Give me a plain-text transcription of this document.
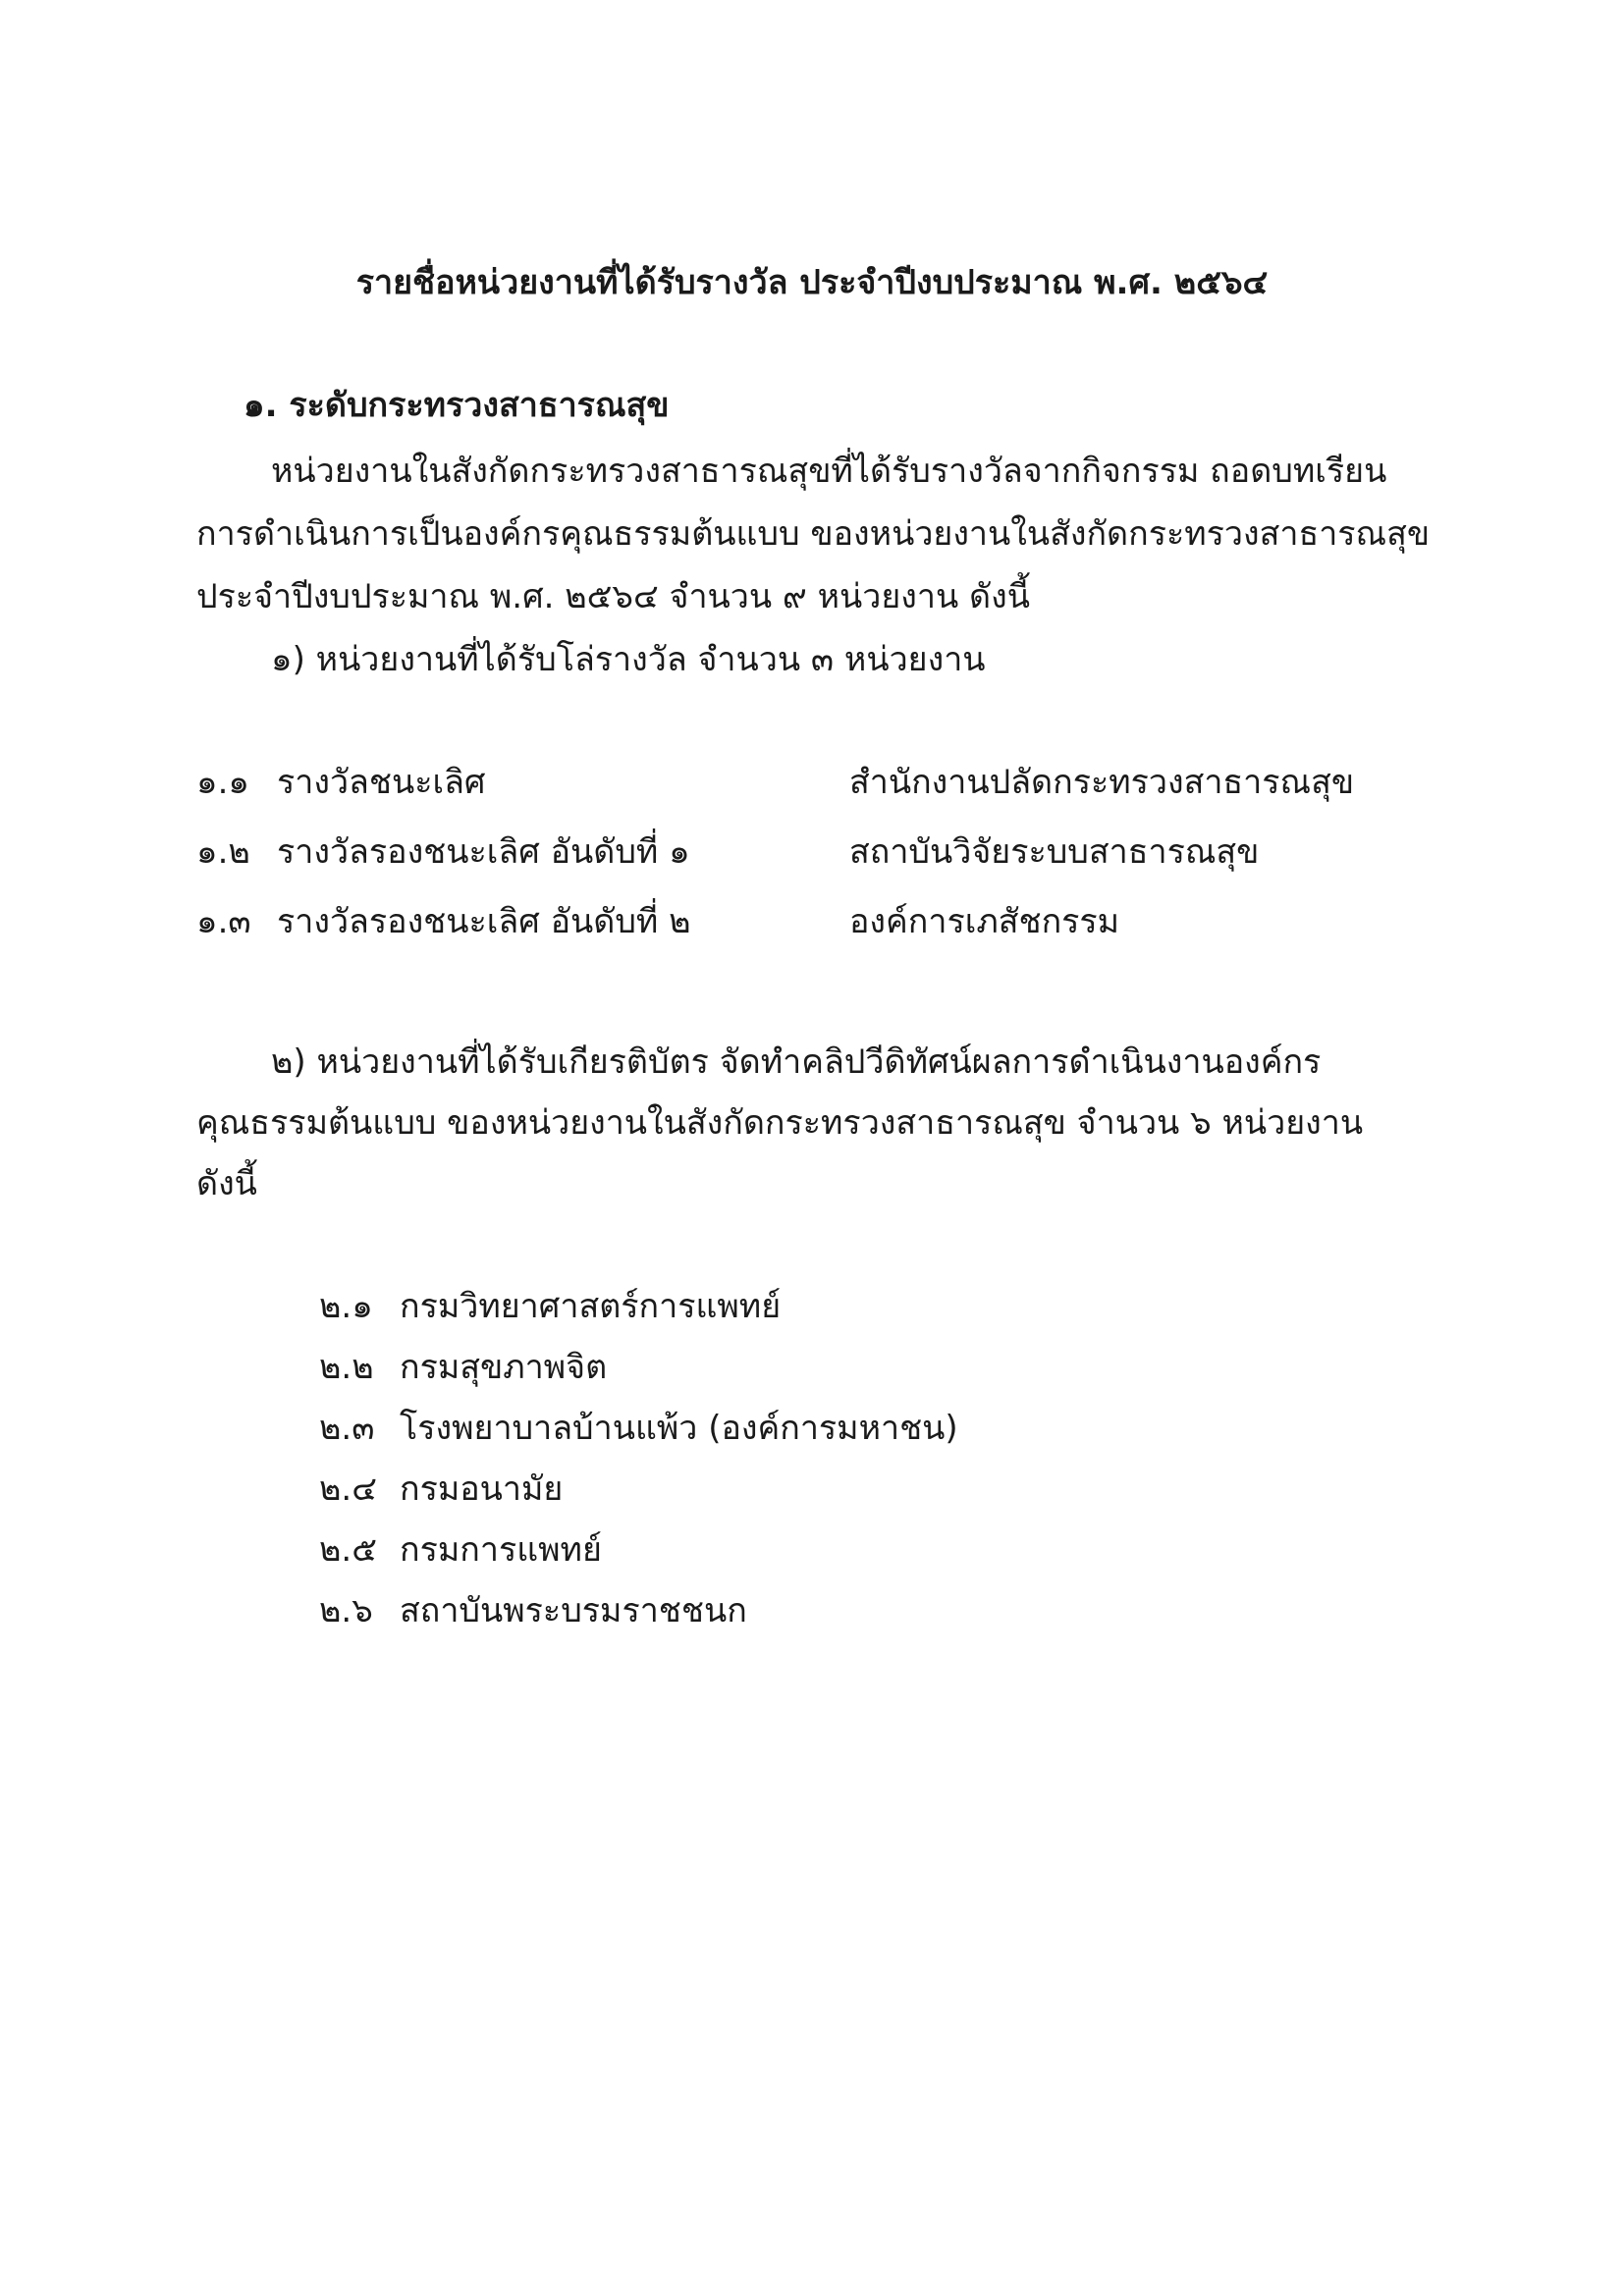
รายชื่อหน่วยงานที่ได้รับรางวัล ประจำปีงบประมาณ พ.ศ. ๒๕๖๔
๑. ระดับกระทรวงสาธารณสุข
หน่วยงานในสังกัดกระทรวงสาธารณสุขที่ได้รับรางวัลจากกิจกรรม ถอดบทเรียน
การดำเนินการเป็นองค์กรคุณธรรมต้นแบบ ของหน่วยงานในสังกัดกระทรวงสาธารณสุข
ประจำปีงบประมาณ พ.ศ. ๒๕๖๔ จำนวน ๙ หน่วยงาน ดังนี้
๑) หน่วยงานที่ได้รับโล่รางวัล จำนวน ๓ หน่วยงาน
๑.๑ รางวัลชนะเลิศ	สำนักงานปลัดกระทรวงสาธารณสุข
๑.๒ รางวัลรองชนะเลิศ อันดับที่ ๑	สถาบันวิจัยระบบสาธารณสุข
๑.๓ รางวัลรองชนะเลิศ อันดับที่ ๒	องค์การเภสัชกรรม
๒) หน่วยงานที่ได้รับเกียรติบัตร จัดทำคลิปวีดิทัศน์ผลการดำเนินงานองค์กร
คุณธรรมต้นแบบ ของหน่วยงานในสังกัดกระทรวงสาธารณสุข จำนวน ๖ หน่วยงาน
ดังนี้
๒.๑ กรมวิทยาศาสตร์การแพทย์
๒.๒ กรมสุขภาพจิต
๒.๓ โรงพยาบาลบ้านแพ้ว (องค์การมหาชน)
๒.๔ กรมอนามัย
๒.๕ กรมการแพทย์
๒.๖ สถาบันพระบรมราชชนก
